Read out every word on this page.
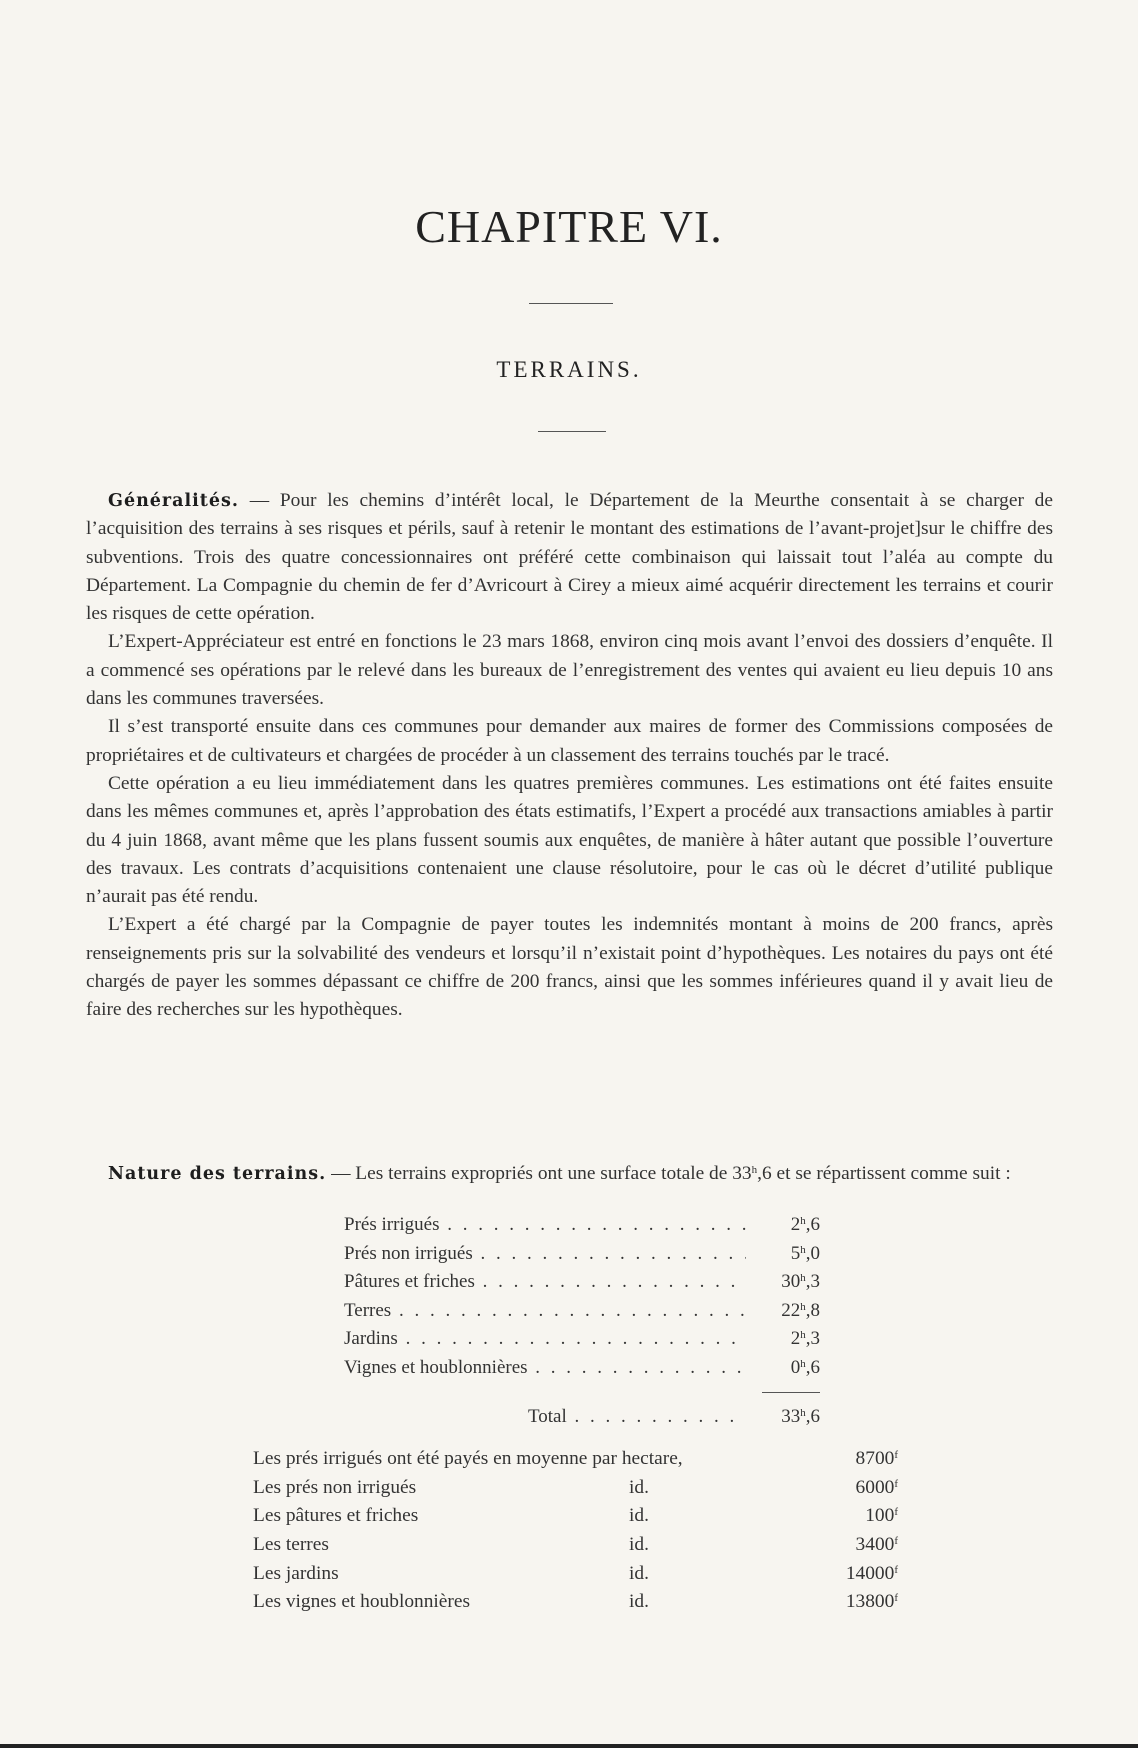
CHAPITRE VI.
TERRAINS.

Généralités. — Pour les chemins d’intérêt local, le Département de la Meurthe consentait à se charger de l’acquisition des terrains à ses risques et périls, sauf à retenir le montant des estimations de l’avant-projet]sur le chiffre des subventions. Trois des quatre concessionnaires ont préféré cette combinaison qui laissait tout l’aléa au compte du Département. La Compagnie du chemin de fer d’Avricourt à Cirey a mieux aimé acquérir directement les terrains et courir les risques de cette opération.

L’Expert-Appréciateur est entré en fonctions le 23 mars 1868, environ cinq mois avant l’envoi des dossiers d’enquête. Il a commencé ses opérations par le relevé dans les bureaux de l’enregistrement des ventes qui avaient eu lieu depuis 10 ans dans les communes traversées.

Il s’est transporté ensuite dans ces communes pour demander aux maires de former des Commissions composées de propriétaires et de cultivateurs et chargées de procéder à un classement des terrains touchés par le tracé.

Cette opération a eu lieu immédiatement dans les quatres premières communes. Les estimations ont été faites ensuite dans les mêmes communes et, après l’approbation des états estimatifs, l’Expert a procédé aux transactions amiables à partir du 4 juin 1868, avant même que les plans fussent soumis aux enquêtes, de manière à hâter autant que possible l’ouverture des travaux. Les contrats d’acquisitions contenaient une clause résolutoire, pour le cas où le décret d’utilité publique n’aurait pas été rendu.

L’Expert a été chargé par la Compagnie de payer toutes les indemnités montant à moins de 200 francs, après renseignements pris sur la solvabilité des vendeurs et lorsqu’il n’existait point d’hypothèques. Les notaires du pays ont été chargés de payer les sommes dépassant ce chiffre de 200 francs, ainsi que les sommes inférieures quand il y avait lieu de faire des recherches sur les hypothèques.

Nature des terrains. — Les terrains expropriés ont une surface totale de 33$^h$,6 et se répartissent comme suit :

Prés irrigués . . .	2$^h$,6
Prés non irrigués . . .	5$^h$,0
Pâtures et friches . . .	30$^h$,3
Terres . . .	22$^h$,8
Jardins . . .	2$^h$,3
Vignes et houblonnières . . .	0$^h$,6
Total . . .	33$^h$,6
Les prés irrigués ont été payés en moyenne par hectare,	8700$^f$
Les prés non irrigués	id.	6000$^f$
Les pâtures et friches	id.	100$^f$
Les terres	id.	3400$^f$
Les jardins	id.	14000$^f$
Les vignes et houblonnières	id.	13800$^f$
